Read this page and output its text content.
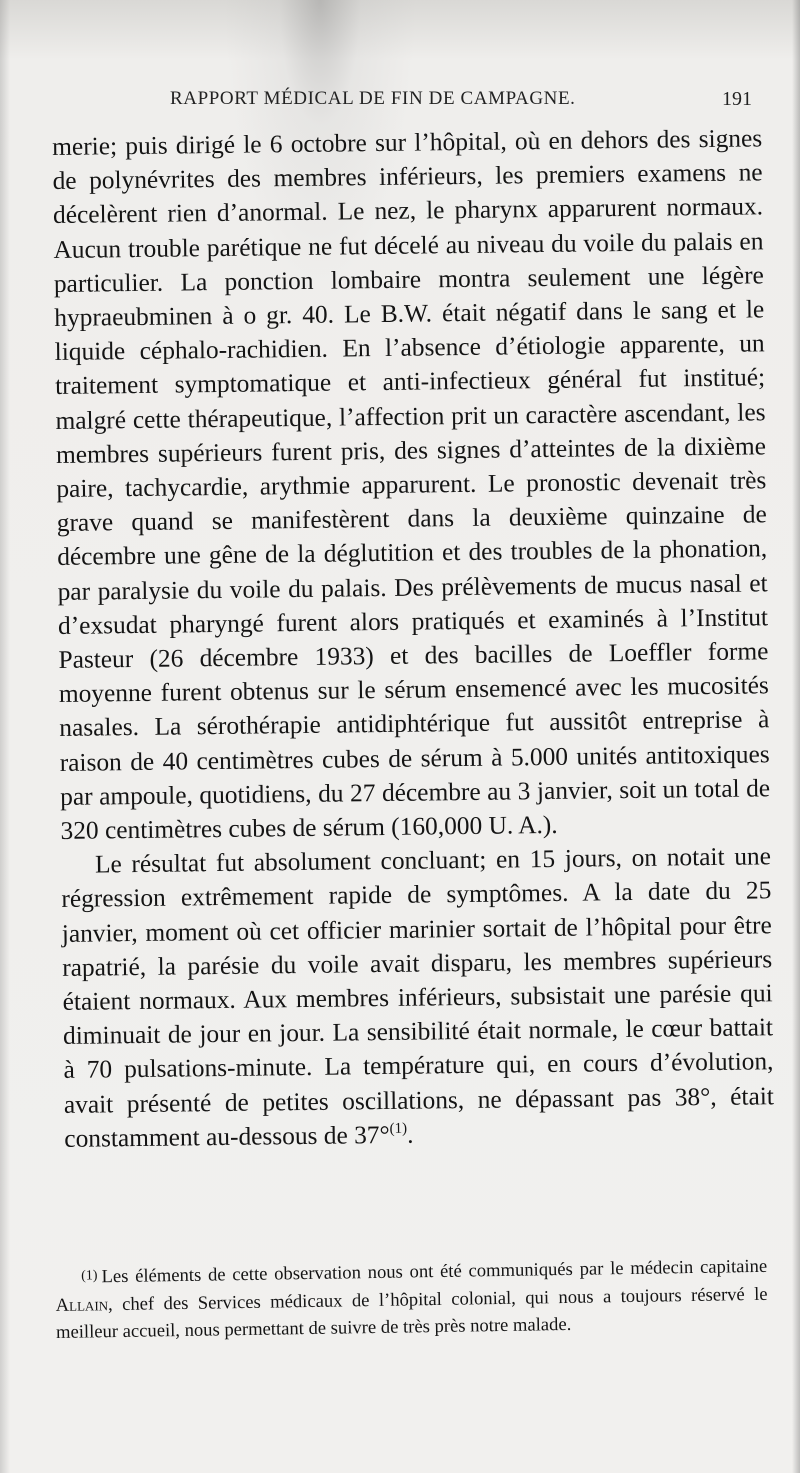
RAPPORT MÉDICAL DE FIN DE CAMPAGNE.	191

merie; puis dirigé le 6 octobre sur l’hôpital, où en dehors des signes de polynévrites des membres inférieurs, les premiers examens ne décelèrent rien d’anormal. Le nez, le pharynx apparurent normaux. Aucun trouble parétique ne fut décelé au niveau du voile du palais en particulier. La ponction lombaire montra seulement une légère hypraeubminen à o gr. 40. Le B.W. était négatif dans le sang et le liquide céphalo-rachidien. En l’absence d’étiologie apparente, un traitement symptomatique et anti-infectieux général fut institué; malgré cette thérapeutique, l’affection prit un caractère ascendant, les membres supérieurs furent pris, des signes d’atteintes de la dixième paire, tachycardie, arythmie apparurent. Le pronostic devenait très grave quand se manifestèrent dans la deuxième quinzaine de décembre une gêne de la déglutition et des troubles de la phonation, par paralysie du voile du palais. Des prélèvements de mucus nasal et d’exsudat pharyngé furent alors pratiqués et examinés à l’Institut Pasteur (26 décembre 1933) et des bacilles de Loeffler forme moyenne furent obtenus sur le sérum ensemencé avec les mucosités nasales. La sérothérapie antidiphtérique fut aussitôt entreprise à raison de 40 centimètres cubes de sérum à 5.000 unités antitoxiques par ampoule, quotidiens, du 27 décembre au 3 janvier, soit un total de 320 centimètres cubes de sérum (160,000 U. A.).

Le résultat fut absolument concluant; en 15 jours, on notait une régression extrêmement rapide de symptômes. A la date du 25 janvier, moment où cet officier marinier sortait de l’hôpital pour être rapatrié, la parésie du voile avait disparu, les membres supérieurs étaient normaux. Aux membres inférieurs, subsistait une parésie qui diminuait de jour en jour. La sensibilité était normale, le cœur battait à 70 pulsations-minute. La température qui, en cours d’évolution, avait présenté de petites oscillations, ne dépassant pas 38°, était constamment au-dessous de 37°$^{(1)}$.

(1) Les éléments de cette observation nous ont été communiqués par le médecin capitaine Allain, chef des Services médicaux de l’hôpital colonial, qui nous a toujours réservé le meilleur accueil, nous permettant de suivre de très près notre malade.
